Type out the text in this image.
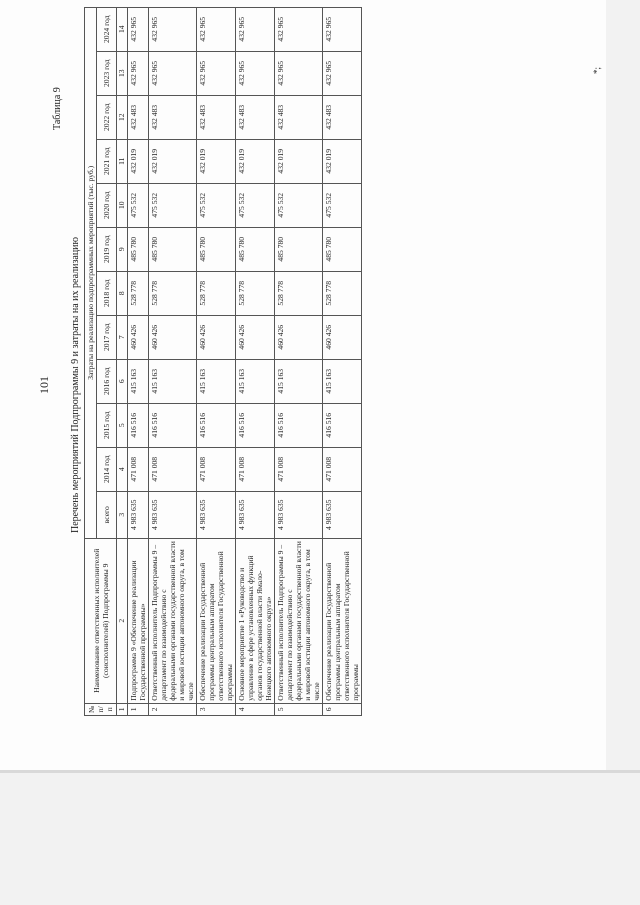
101
Таблица 9
Перечень мероприятий Подпрограммы 9 и затраты на их реализацию
№ п/п	Наименование ответственных исполнителей (соисполнителей) Подпрограммы 9	Затраты на реализацию подпрограммных мероприятий (тыс. руб.)											
		всего	2014 год	2015 год	2016 год	2017 год	2018 год	2019 год	2020 год	2021 год	2022 год	2023 год	2024 год
1	2	3	4	5	6	7	8	9	10	11	12	13	14
1	Подпрограмма 9 «Обеспечение реализации Государственной программы»	4 983 635	471 008	416 516	415 163	460 426	528 778	485 780	475 532	432 019	432 483	432 965	432 965
2	Ответственный исполнитель Подпрограммы 9 – департамент по взаимодействию с федеральными органами государственной власти и мировой юстиции автономного округа, в том числе	4 983 635	471 008	416 516	415 163	460 426	528 778	485 780	475 532	432 019	432 483	432 965	432 965
3	Обеспечение реализации Государственной программы центральным аппаратом ответственного исполнителя Государственной программы	4 983 635	471 008	416 516	415 163	460 426	528 778	485 780	475 532	432 019	432 483	432 965	432 965
4	Основное мероприятие 1 «Руководство и управление в сфере установленных функций органов государственной власти Ямало-Ненецкого автономного округа»	4 983 635	471 008	416 516	415 163	460 426	528 778	485 780	475 532	432 019	432 483	432 965	432 965
5	Ответственный исполнитель Подпрограммы 9 – департамент по взаимодействию с федеральными органами государственной власти и мировой юстиции автономного округа, в том числе	4 983 635	471 008	416 516	415 163	460 426	528 778	485 780	475 532	432 019	432 483	432 965	432 965
6	Обеспечение реализации Государственной программы центральным аппаратом ответственного исполнителя Государственной программы	4 983 635	471 008	416 516	415 163	460 426	528 778	485 780	475 532	432 019	432 483	432 965	432 965
*;
